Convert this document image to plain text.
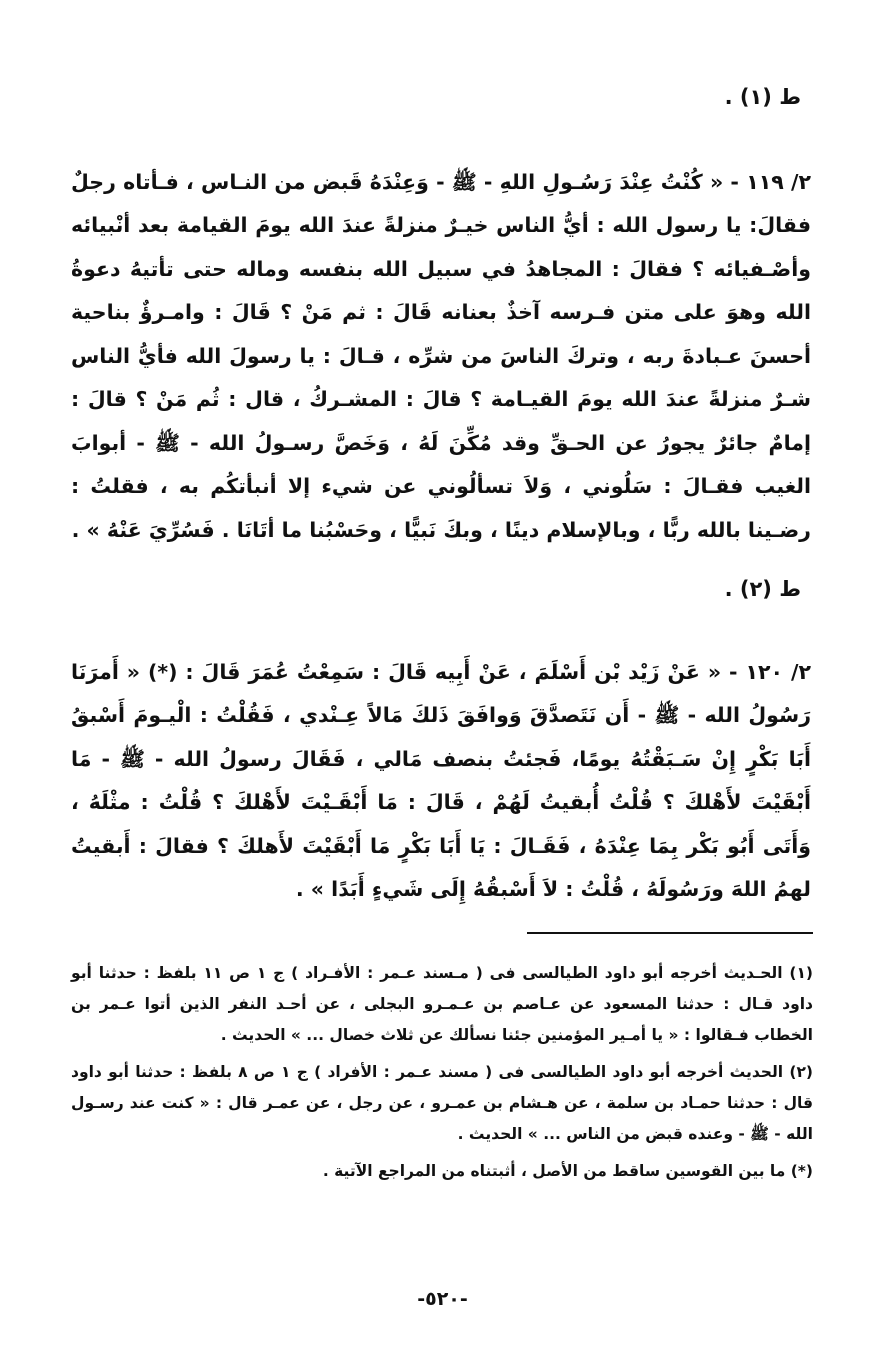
ط (١) .

٢/ ١١٩ - « كُنْتُ عِنْدَ رَسُـولِ اللهِ - ﷺ - وَعِنْدَهُ قَبض من النـاس ، فـأتاه رجلٌ فقالَ: يا رسول الله : أيُّ الناس خيـرٌ منزلةً عندَ الله يومَ القيامة بعد أنْبيائه وأصْـفيائه ؟ فقالَ : المجاهدُ في سبيل الله بنفسه وماله حتى تأتيهُ دعوةُ الله وهوَ على متن فـرسه آخذٌ بعنانه قَالَ : ثم مَنْ ؟ قَالَ : وامـرؤٌ بناحية أحسنَ عـبادةَ ربه ، وتركَ الناسَ من شرِّه ، قـالَ : يا رسولَ الله فأيُّ الناس شـرٌ منزلةً عندَ الله يومَ القيـامة ؟ قالَ : المشـركُ ، قال : ثُم مَنْ ؟ قالَ : إمامٌ جائرٌ يجورُ عن الحـقِّ وقد مُكِّنَ لَهُ ، وَخَصَّ رسـولُ الله - ﷺ - أبوابَ الغيب فقـالَ : سَلُوني ، وَلاَ تسألُوني عن شيء إلا أنبأتكُم به ، فقلتُ : رضـينا بالله ربًّا ، وبالإسلام دينًا ، وبكَ نَبيًّا ، وحَسْبُنا ما أتَانَا . فَسُرِّيَ عَنْهُ » .

ط (٢) .

٢/ ١٢٠ - « عَنْ زَيْد بْن أَسْلَمَ ، عَنْ أَبِيه قَالَ : سَمِعْتُ عُمَرَ قَالَ : (*) « أَمرَنَا رَسُولُ الله - ﷺ - أَن نَتَصدَّقَ وَوافَقَ ذَلكَ مَالاً عِـنْدي ، فَقُلْتُ : الْيـومَ أَسْبقُ أَبَا بَكْرٍ إِنْ سَـبَقْتُهُ يومًا، فَجئتُ بنصف مَالي ، فَقَالَ رسولُ الله - ﷺ - مَا أَبْقَيْتَ لأَهْلكَ ؟ قُلْتُ أُبقيتُ لَهُمْ ، قَالَ : مَا أَبْقَـيْتَ لأَهْلكَ ؟ قُلْتُ : مثْلَهُ ، وَأَتَى أَبُو بَكْر بِمَا عِنْدَهُ ، فَقَـالَ : يَا أَبَا بَكْرٍ مَا أَبْقَيْتَ لأَهلكَ ؟ فقالَ : أَبقيتُ لهمُ اللهَ ورَسُولَهُ ، قُلْتُ : لاَ أَسْبقُهُ إِلَى شَيءٍ أَبَدًا » .

(١) الحـديث أخرجه أبو داود الطيالسى فى ( مـسند عـمر : الأفـراد ) ج ١ ص ١١ بلفظ : حدثنا أبو داود قـال : حدثنا المسعود عن عـاصم بن عـمـرو البجلى ، عن أحـد النفر الذين أتوا عـمر بن الخطاب فـقالوا : « يا أمـير المؤمنين جئنا نسألك عن ثلاث خصال ... » الحديث .

(٢) الحديث أخرجه أبو داود الطيالسى فى ( مسند عـمر : الأفراد ) ج ١ ص ٨ بلفظ : حدثنا أبو داود قال : حدثنا حمـاد بن سلمة ، عن هـشام بن عمـرو ، عن رجل ، عن عمـر قال : « كنت عند رسـول الله - ﷺ - وعنده قبض من الناس ... » الحديث .

(*) ما بين القوسين ساقط من الأصل ، أثبتناه من المراجع الآتية .

-٥٢٠-
